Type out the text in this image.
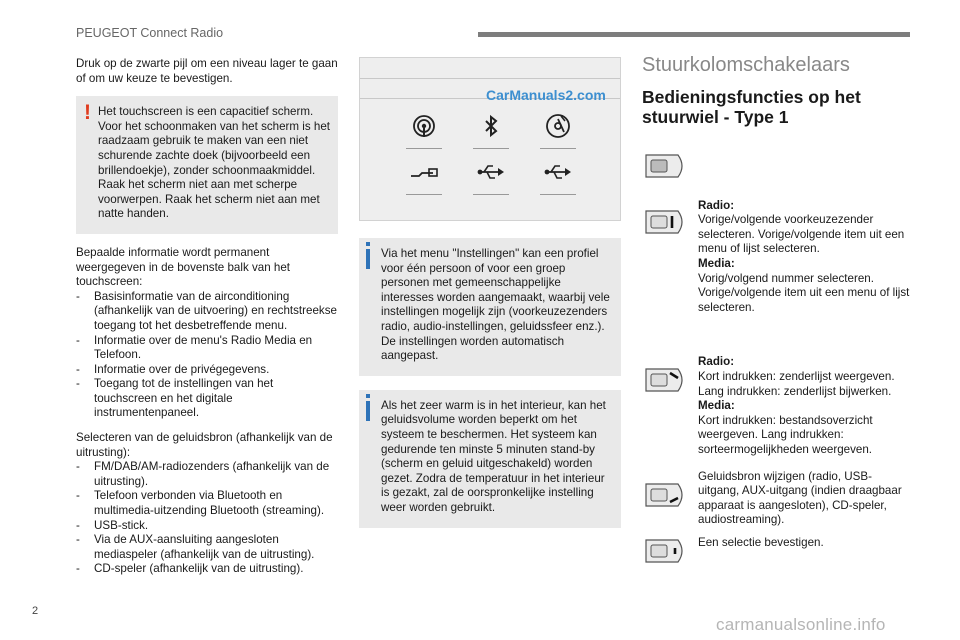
PEUGEOT Connect Radio

Druk op de zwarte pijl om een niveau lager te gaan of om uw keuze te bevestigen.

! Het touchscreen is een capacitief scherm. Voor het schoonmaken van het scherm is het raadzaam gebruik te maken van een niet schurende zachte doek (bijvoorbeeld een brillendoekje), zonder schoonmaakmiddel. Raak het scherm niet aan met scherpe voorwerpen. Raak het scherm niet aan met natte handen.

Bepaalde informatie wordt permanent weergegeven in de bovenste balk van het touchscreen:

- Basisinformatie van de airconditioning (afhankelijk van de uitvoering) en rechtstreekse toegang tot het desbetreffende menu.
- Informatie over de menu's Radio Media en Telefoon.
- Informatie over de privégegevens.
- Toegang tot de instellingen van het touchscreen en het digitale instrumentenpaneel.

Selecteren van de geluidsbron (afhankelijk van de uitrusting):

- FM/DAB/AM-radiozenders (afhankelijk van de uitrusting).
- Telefoon verbonden via Bluetooth en multimedia-uitzending Bluetooth (streaming).
- USB-stick.
- Via de AUX-aansluiting aangesloten mediaspeler (afhankelijk van de uitrusting).
- CD-speler (afhankelijk van de uitrusting).
CarManuals2.com
Via het menu "Instellingen" kan een profiel voor één persoon of voor een groep personen met gemeenschappelijke interesses worden aangemaakt, waarbij vele instellingen mogelijk zijn (voorkeuzezenders radio, audio-instellingen, geluidssfeer enz.). De instellingen worden automatisch aangepast.
Als het zeer warm is in het interieur, kan het geluidsvolume worden beperkt om het systeem te beschermen. Het systeem kan gedurende ten minste 5 minuten stand-by (scherm en geluid uitgeschakeld) worden gezet. Zodra de temperatuur in het interieur is gezakt, zal de oorspronkelijke instelling weer worden gebruikt.
Stuurkolomschakelaars
Bedieningsfuncties op het stuurwiel - Type 1
Radio:
Vorige/volgende voorkeuzezender selecteren. Vorige/volgende item uit een menu of lijst selecteren.
Media:
Vorig/volgend nummer selecteren. Vorige/volgende item uit een menu of lijst selecteren.
Radio:
Kort indrukken: zenderlijst weergeven. Lang indrukken: zenderlijst bijwerken.
Media:
Kort indrukken: bestandsoverzicht weergeven. Lang indrukken: sorteermogelijkheden weergeven.
Geluidsbron wijzigen (radio, USB-uitgang, AUX-uitgang (indien draagbaar apparaat is aangesloten), CD-speler, audiostreaming).
Een selectie bevestigen.
2
carmanualsonline.info
